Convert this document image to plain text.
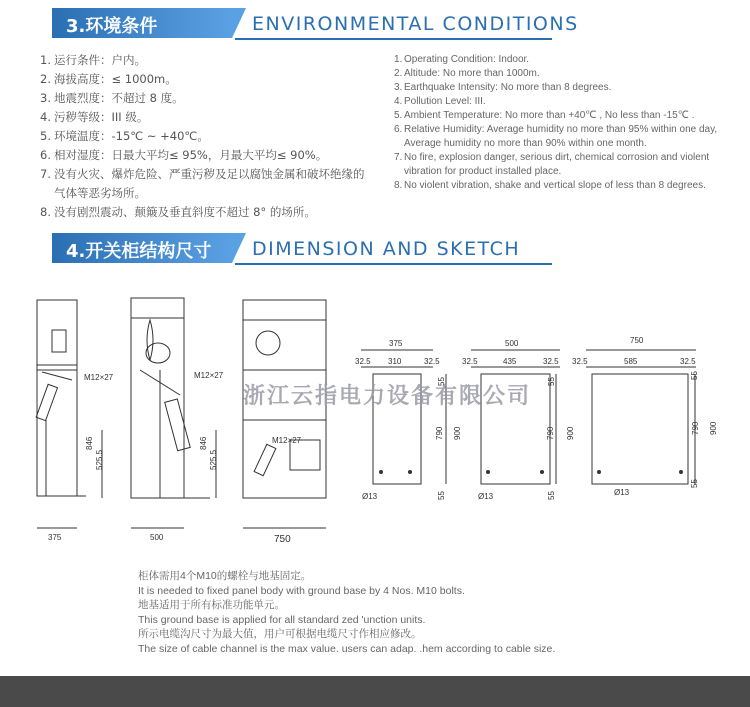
3.环境条件	ENVIRONMENTAL CONDITIONS
1. 运行条件：户内。
2. 海拔高度：≤ 1000m。
3. 地震烈度：不超过 8 度。
4. 污秽等级：III 级。
5. 环境温度：-15℃ ~ +40℃。
6. 相对湿度：日最大平均≤ 95%，月最大平均≤ 90%。
7. 没有火灾、爆炸危险、严重污秽及足以腐蚀金属和破坏绝缘的气体等恶劣场所。
8. 没有剧烈震动、颠簸及垂直斜度不超过 8° 的场所。
1. Operating Condition: Indoor.
2. Altitude: No more than 1000m.
3. Earthquake Intensity: No more than 8 degrees.
4. Pollution Level: III.
5. Ambient Temperature: No more than +40℃ , No less than -15℃ .
6. Relative Humidity: Average humidity no more than 95% within one day, Average humidity no more than 90% within one month.
7. No fire, explosion danger, serious dirt, chemical corrosion and violent vibration for product installed place.
8. No violent vibration, shake and vertical slope of less than 8 degrees.
4.开关柜结构尺寸 DIMENSION AND SKETCH
M12×27	M12×27
M12×27
846	846
525.5	525.5
375	500	750
375	500	750
32.5 310	32.5	32.5	435	32.5 32.5	585	32.5
790 900	790 900	790 900
55
55
55
55
55
55
Ø13	Ø13	Ø13
浙江云指电力设备有限公司
柜体需用4个M10的螺栓与地基固定。
It is needed to fixed panel body with ground base by 4 Nos. M10 bolts.
地基适用于所有标准功能单元。
This ground base is applied for all standard zed 'unction units.
所示电缆沟尺寸为最大值，用户可根据电缆尺寸作相应修改。
The size of cable channel is the max value. users can adap. .hem according to cable size.
